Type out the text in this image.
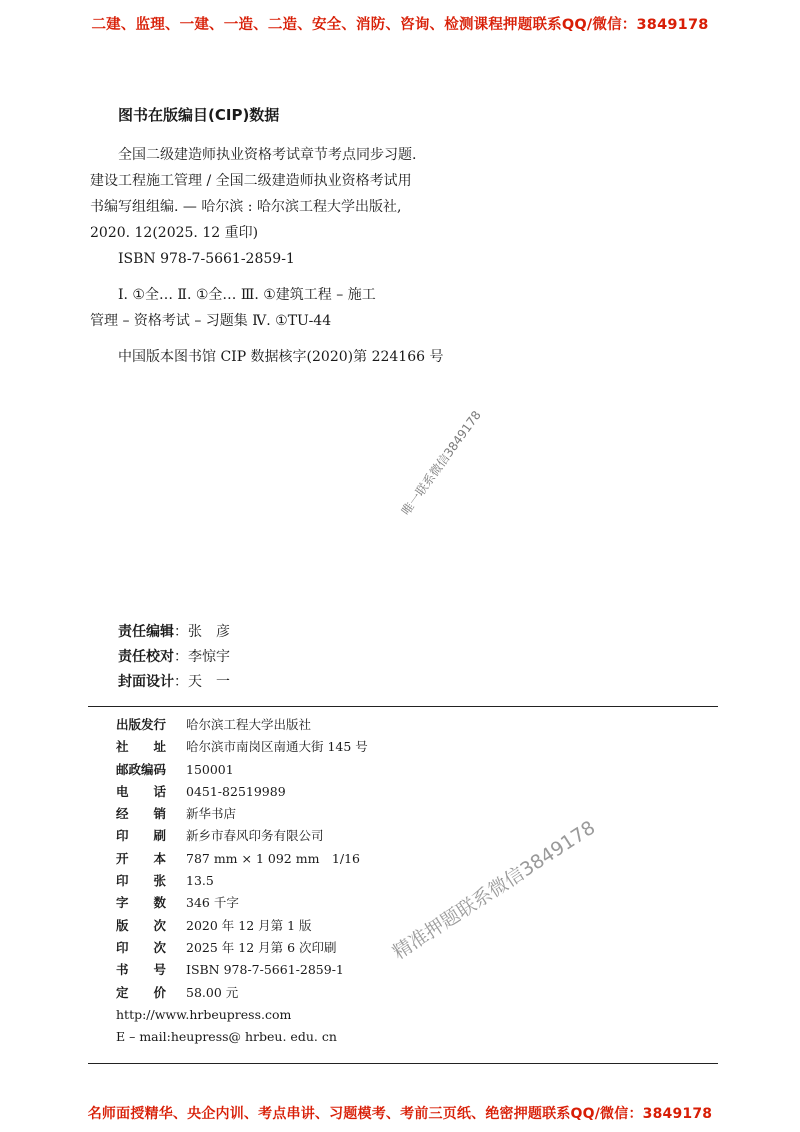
二建、监理、一建、一造、二造、安全、消防、咨询、检测课程押题联系QQ/微信：3849178
图书在版编目(CIP)数据
全国二级建造师执业资格考试章节考点同步习题.
建设工程施工管理 / 全国二级建造师执业资格考试用
书编写组组编. — 哈尔滨 : 哈尔滨工程大学出版社,
2020. 12(2025. 12 重印)
ISBN 978-7-5661-2859-1
Ⅰ. ①全… Ⅱ. ①全… Ⅲ. ①建筑工程 – 施工
管理 – 资格考试 – 习题集 Ⅳ. ①TU-44
中国版本图书馆 CIP 数据核字(2020)第 224166 号
唯一联系微信3849178
责任编辑：张　彦
责任校对：李惊宇
封面设计：天　一
出版发行	哈尔滨工程大学出版社
社　　址	哈尔滨市南岗区南通大街 145 号
邮政编码	150001
电　　话	0451-82519989
经　　销	新华书店
印　　刷	新乡市春风印务有限公司
开　　本	787 mm × 1 092 mm　1/16
印　　张	13.5
字　　数	346 千字
版　　次	2020 年 12 月第 1 版
印　　次	2025 年 12 月第 6 次印刷
书　　号	ISBN 978-7-5661-2859-1
定　　价	58.00 元
http://www.hrbeupress.com
E – mail:heupress@ hrbeu. edu. cn
精准押题联系微信3849178
名师面授精华、央企内训、考点串讲、习题模考、考前三页纸、绝密押题联系QQ/微信：3849178
